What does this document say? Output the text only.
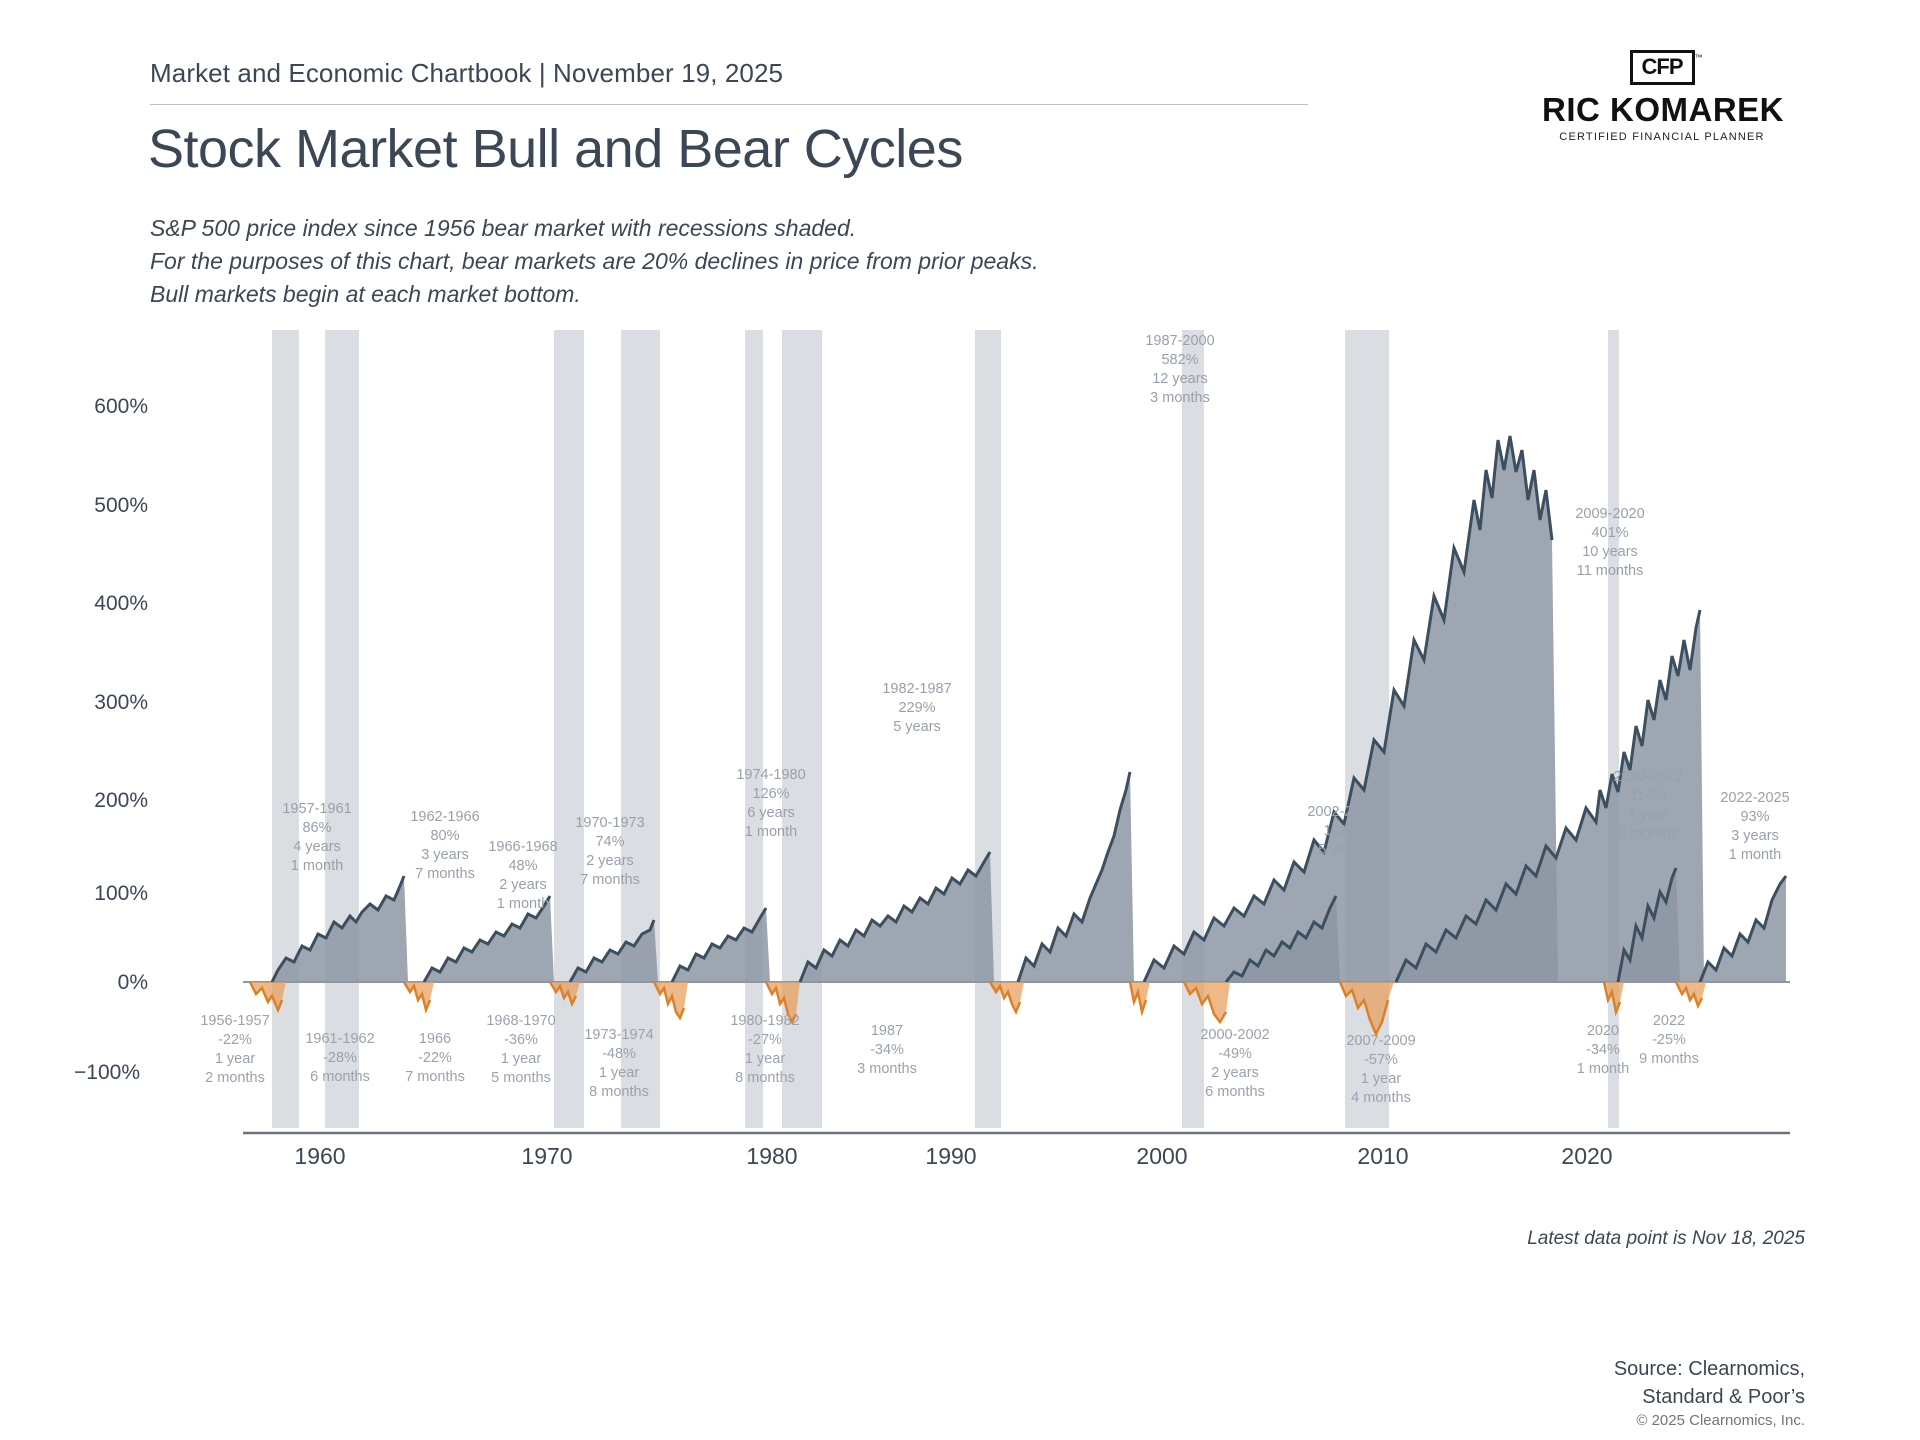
Market and Economic Chartbook | November 19, 2025
Stock Market Bull and Bear Cycles
S&P 500 price index since 1956 bear market with recessions shaded.
For the purposes of this chart, bear markets are 20% declines in price from prior peaks.
Bull markets begin at each market bottom.
CFP ™
RIC KOMAREK
CERTIFIED FINANCIAL PLANNER
600%
500%
400%
300%
200%
100%
0%
−100%
1960	1970	1980	1990	2000	2010	2020
1957-1961
86%
4 years
1 month
1962-1966
80%
3 years
7 months
1966-1968
48%
2 years
1 month
1970-1973
74%
2 years
7 months
1974-1980
126%
6 years
1 month
1982-1987
229%
5 years
1987-2000
582%
12 years
3 months
2002-2007
101%
5 years
2009-2020
401%
10 years
11 months
2020-2022
114%
1 year
9 months
2022-2025
93%
3 years
1 month
1956-1957
-22%
1 year
2 months
1961-1962
-28%
6 months
1966
-22%
7 months
1968-1970
-36%
1 year
5 months
1973-1974
-48%
1 year
8 months
1980-1982
-27%
1 year
8 months
1987
-34%
3 months
2000-2002
-49%
2 years
6 months
2007-2009
-57%
1 year
4 months
2020
-34%
1 month
2022
-25%
9 months
Latest data point is Nov 18, 2025
Source: Clearnomics,
Standard & Poor’s
© 2025 Clearnomics, Inc.
